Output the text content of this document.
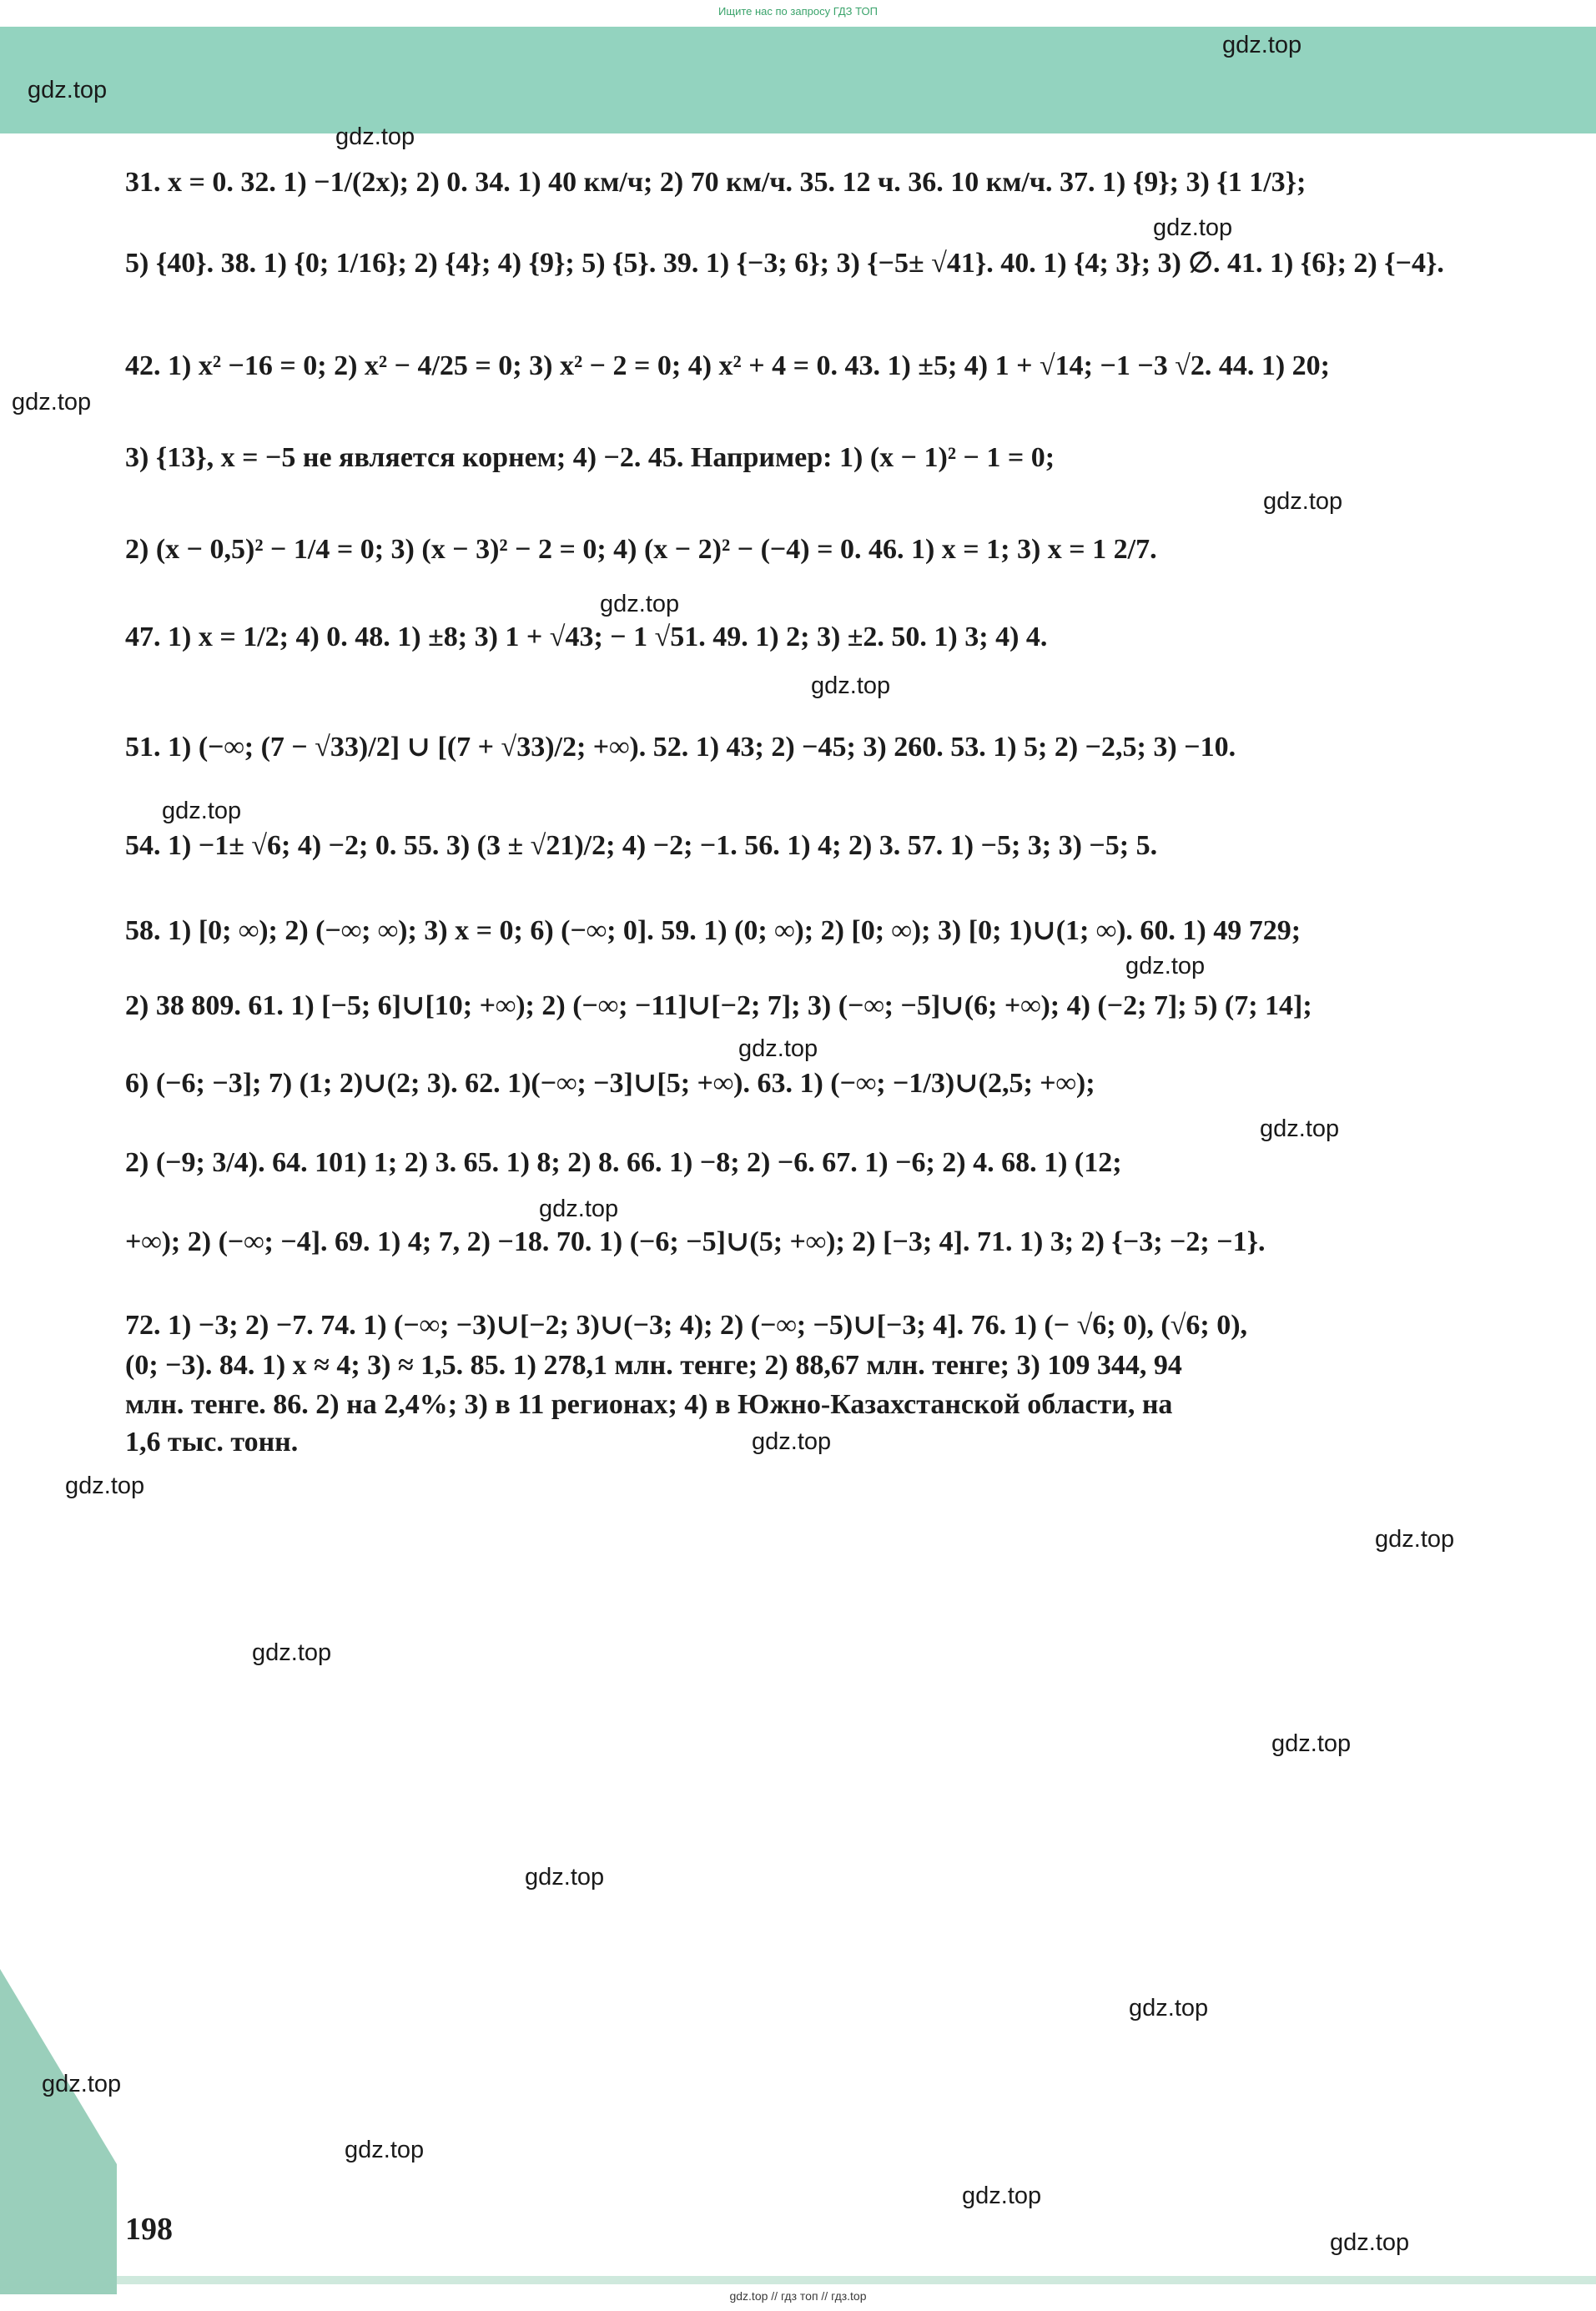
Ищите нас по запросу ГДЗ ТОП
31. x = 0. 32. 1) −1/(2x); 2) 0. 34. 1) 40 км/ч; 2) 70 км/ч. 35. 12 ч. 36. 10 км/ч. 37. 1) {9}; 3) {1 1/3};
5) {40}. 38. 1) {0; 1/16}; 2) {4}; 4) {9}; 5) {5}. 39. 1) {−3; 6}; 3) {−5± √41}. 40. 1) {4; 3}; 3) ∅. 41. 1) {6}; 2) {−4}.
42. 1) x² −16 = 0; 2) x² − 4/25 = 0; 3) x² − 2 = 0; 4) x² + 4 = 0. 43. 1) ±5; 4) 1 + √14; −1 −3 √2. 44. 1) 20;
3) {13}, x = −5 не является корнем; 4) −2. 45. Например: 1) (x − 1)² − 1 = 0;
2) (x − 0,5)² − 1/4 = 0; 3) (x − 3)² − 2 = 0; 4) (x − 2)² − (−4) = 0. 46. 1) x = 1; 3) x = 1 2/7.
47. 1) x = 1/2; 4) 0. 48. 1) ±8; 3) 1 + √43; − 1 √51. 49. 1) 2; 3) ±2. 50. 1) 3; 4) 4.
51. 1) (−∞; (7 − √33)/2] ∪ [(7 + √33)/2; +∞). 52. 1) 43; 2) −45; 3) 260. 53. 1) 5; 2) −2,5; 3) −10.
54. 1) −1± √6; 4) −2; 0. 55. 3) (3 ± √21)/2; 4) −2; −1. 56. 1) 4; 2) 3. 57. 1) −5; 3; 3) −5; 5.
58. 1) [0; ∞); 2) (−∞; ∞); 3) x = 0; 6) (−∞; 0]. 59. 1) (0; ∞); 2) [0; ∞); 3) [0; 1)∪(1; ∞). 60. 1) 49 729;
2) 38 809. 61. 1) [−5; 6]∪[10; +∞); 2) (−∞; −11]∪[−2; 7]; 3) (−∞; −5]∪(6; +∞); 4) (−2; 7]; 5) (7; 14];
6) (−6; −3]; 7) (1; 2)∪(2; 3). 62. 1)(−∞; −3]∪[5; +∞). 63. 1) (−∞; −1/3)∪(2,5; +∞);
2) (−9; 3/4). 64. 101) 1; 2) 3. 65. 1) 8; 2) 8. 66. 1) −8; 2) −6. 67. 1) −6; 2) 4. 68. 1) (12;
+∞); 2) (−∞; −4]. 69. 1) 4; 7, 2) −18. 70. 1) (−6; −5]∪(5; +∞); 2) [−3; 4]. 71. 1) 3; 2) {−3; −2; −1}.
72. 1) −3; 2) −7. 74. 1) (−∞; −3)∪[−2; 3)∪(−3; 4); 2) (−∞; −5)∪[−3; 4]. 76. 1) (− √6; 0), (√6; 0),
(0; −3). 84. 1) x ≈ 4; 3) ≈ 1,5. 85. 1) 278,1 млн. тенге; 2) 88,67 млн. тенге; 3) 109 344, 94
млн. тенге. 86. 2) на 2,4%; 3) в 11 регионах; 4) в Южно-Казахстанской области, на
1,6 тыс. тонн.
198
gdz.top
gdz.top
gdz.top
gdz.top
gdz.top
gdz.top
gdz.top
gdz.top
gdz.top
gdz.top
gdz.top
gdz.top
gdz.top
gdz.top
gdz.top
gdz.top
gdz.top
gdz.top
gdz.top
gdz.top
gdz.top
gdz.top
gdz.top
gdz.top
gdz.top // гдз топ // гдз.top
